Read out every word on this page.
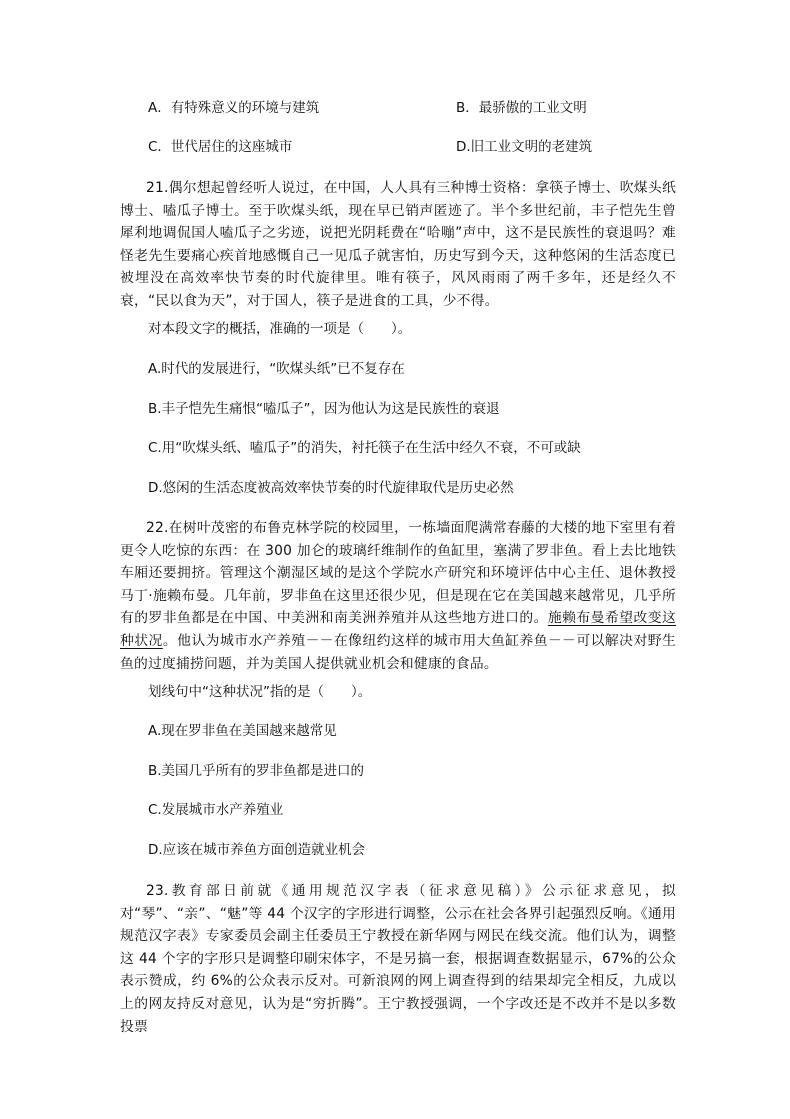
A．有特殊意义的环境与建筑	B．最骄傲的工业文明
C．世代居住的这座城市	D.旧工业文明的老建筑
21.偶尔想起曾经听人说过，在中国，人人具有三种博士资格：拿筷子博士、吹煤头纸博士、嗑瓜子博士。至于吹煤头纸，现在早已销声匿迹了。半个多世纪前，丰子恺先生曾犀利地调侃国人嗑瓜子之劣迹，说把光阴耗费在“哈嘣”声中，这不是民族性的衰退吗？难怪老先生要痛心疾首地感慨自己一见瓜子就害怕，历史写到今天，这种悠闲的生活态度已被埋没在高效率快节奏的时代旋律里。唯有筷子，风风雨雨了两千多年，还是经久不衰，“民以食为天”，对于国人，筷子是进食的工具，少不得。
对本段文字的概括，准确的一项是（　　）。
A.时代的发展进行，“吹煤头纸”已不复存在
B.丰子恺先生痛恨“嗑瓜子”，因为他认为这是民族性的衰退
C.用“吹煤头纸、嗑瓜子”的消失，衬托筷子在生活中经久不衰，不可或缺
D.悠闲的生活态度被高效率快节奏的时代旋律取代是历史必然
22.在树叶茂密的布鲁克林学院的校园里，一栋墙面爬满常春藤的大楼的地下室里有着更令人吃惊的东西：在 300 加仑的玻璃纤维制作的鱼缸里，塞满了罗非鱼。看上去比地铁车厢还要拥挤。管理这个潮湿区域的是这个学院水产研究和环境评估中心主任、退休教授马丁·施赖布曼。几年前，罗非鱼在这里还很少见，但是现在它在美国越来越常见，几乎所有的罗非鱼都是在中国、中美洲和南美洲养殖并从这些地方进口的。施赖布曼希望改变这种状况。他认为城市水产养殖－－在像纽约这样的城市用大鱼缸养鱼－－可以解决对野生鱼的过度捕捞问题，并为美国人提供就业机会和健康的食品。
划线句中“这种状况”指的是（　　）。
A.现在罗非鱼在美国越来越常见
B.美国几乎所有的罗非鱼都是进口的
C.发展城市水产养殖业
D.应该在城市养鱼方面创造就业机会
23.教育部日前就《通用规范汉字表（征求意见稿）》公示征求意见，拟对“琴”、“亲”、“魅”等 44 个汉字的字形进行调整，公示在社会各界引起强烈反响。《通用规范汉字表》专家委员会副主任委员王宁教授在新华网与网民在线交流。他们认为，调整这 44 个字的字形只是调整印刷宋体字，不是另搞一套，根据调查数据显示，67%的公众表示赞成，约 6%的公众表示反对。可新浪网的网上调查得到的结果却完全相反，九成以上的网友持反对意见，认为是“穷折腾”。王宁教授强调，一个字改还是不改并不是以多数投票
